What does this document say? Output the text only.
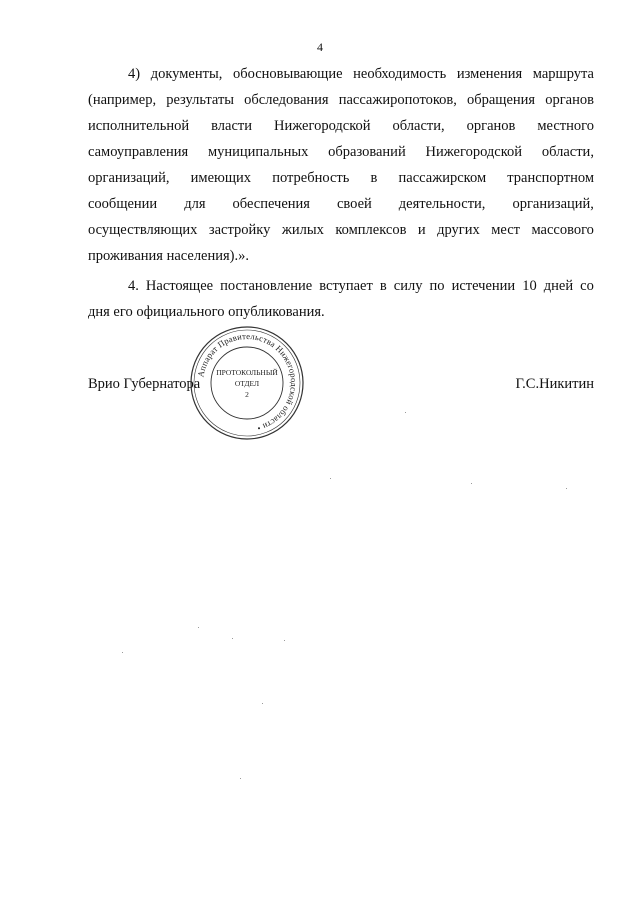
4
4) документы, обосновывающие необходимость изменения маршрута
(например, результаты обследования пассажиропотоков, обращения органов
исполнительной власти Нижегородской области, органов местного
самоуправления муниципальных образований Нижегородской области,
организаций, имеющих потребность в пассажирском транспортном
сообщении для обеспечения своей деятельности, организаций,
осуществляющих застройку жилых комплексов и других мест массового
проживания населения).».
4. Настоящее постановление вступает в силу по истечении 10 дней со
дня его официального опубликования.
Врио Губернатора
Аппарат Правительства Нижегородской области •
ПРОТОКОЛЬНЫЙ
ОТДЕЛ
2
Г.С.Никитин
